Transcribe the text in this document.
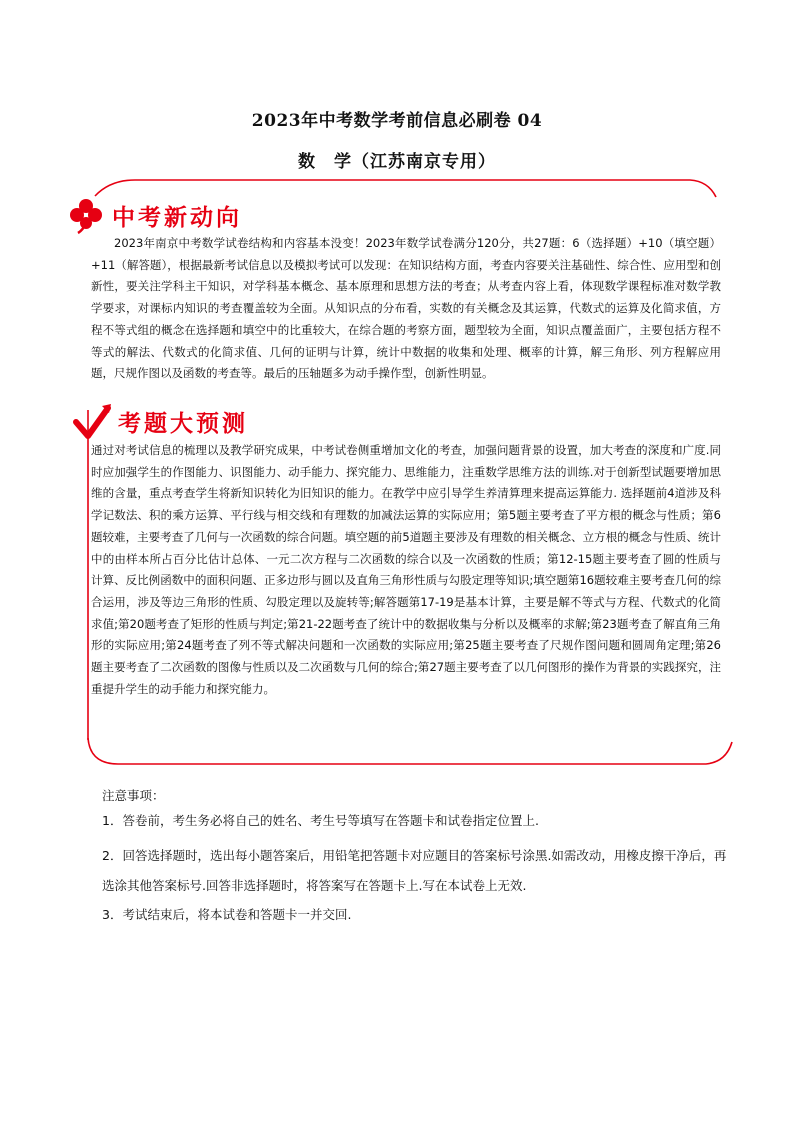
2023年中考数学考前信息必刷卷 04
数　学（江苏南京专用）
中考新动向

2023年南京中考数学试卷结构和内容基本没变！2023年数学试卷满分120分，共27题：6（选择题）+10（填空题）+11（解答题），根据最新考试信息以及模拟考试可以发现：在知识结构方面，考查内容要关注基础性、综合性、应用型和创新性，要关注学科主干知识，对学科基本概念、基本原理和思想方法的考查；从考查内容上看，体现数学课程标准对数学教学要求，对课标内知识的考查覆盖较为全面。从知识点的分布看，实数的有关概念及其运算，代数式的运算及化简求值，方程不等式组的概念在选择题和填空中的比重较大，在综合题的考察方面，题型较为全面，知识点覆盖面广，主要包括方程不等式的解法、代数式的化简求值、几何的证明与计算，统计中数据的收集和处理、概率的计算，解三角形、列方程解应用题，尺规作图以及函数的考查等。最后的压轴题多为动手操作型，创新性明显。

考题大预测

通过对考试信息的梳理以及教学研究成果，中考试卷侧重增加文化的考查，加强问题背景的设置，加大考查的深度和广度.同时应加强学生的作图能力、识图能力、动手能力、探究能力、思维能力，注重数学思维方法的训练.对于创新型试题要增加思维的含量，重点考查学生将新知识转化为旧知识的能力。在教学中应引导学生养清算理来提高运算能力. 选择题前4道涉及科学记数法、积的乘方运算、平行线与相交线和有理数的加减法运算的实际应用；第5题主要考查了平方根的概念与性质；第6题较难，主要考查了几何与一次函数的综合问题。填空题的前5道题主要涉及有理数的相关概念、立方根的概念与性质、统计中的由样本所占百分比估计总体、一元二次方程与二次函数的综合以及一次函数的性质；第12-15题主要考查了圆的性质与计算、反比例函数中的面积问题、正多边形与圆以及直角三角形性质与勾股定理等知识;填空题第16题较难主要考查几何的综合运用，涉及等边三角形的性质、勾股定理以及旋转等;解答题第17-19是基本计算，主要是解不等式与方程、代数式的化简求值;第20题考查了矩形的性质与判定;第21-22题考查了统计中的数据收集与分析以及概率的求解;第23题考查了解直角三角形的实际应用;第24题考查了列不等式解决问题和一次函数的实际应用;第25题主要考查了尺规作图问题和圆周角定理;第26题主要考查了二次函数的图像与性质以及二次函数与几何的综合;第27题主要考查了以几何图形的操作为背景的实践探究，注重提升学生的动手能力和探究能力。

注意事项：

1．答卷前，考生务必将自己的姓名、考生号等填写在答题卡和试卷指定位置上.

2．回答选择题时，选出每小题答案后，用铅笔把答题卡对应题目的答案标号涂黑.如需改动，用橡皮擦干净后，再选涂其他答案标号.回答非选择题时，将答案写在答题卡上.写在本试卷上无效.

3．考试结束后，将本试卷和答题卡一并交回.
